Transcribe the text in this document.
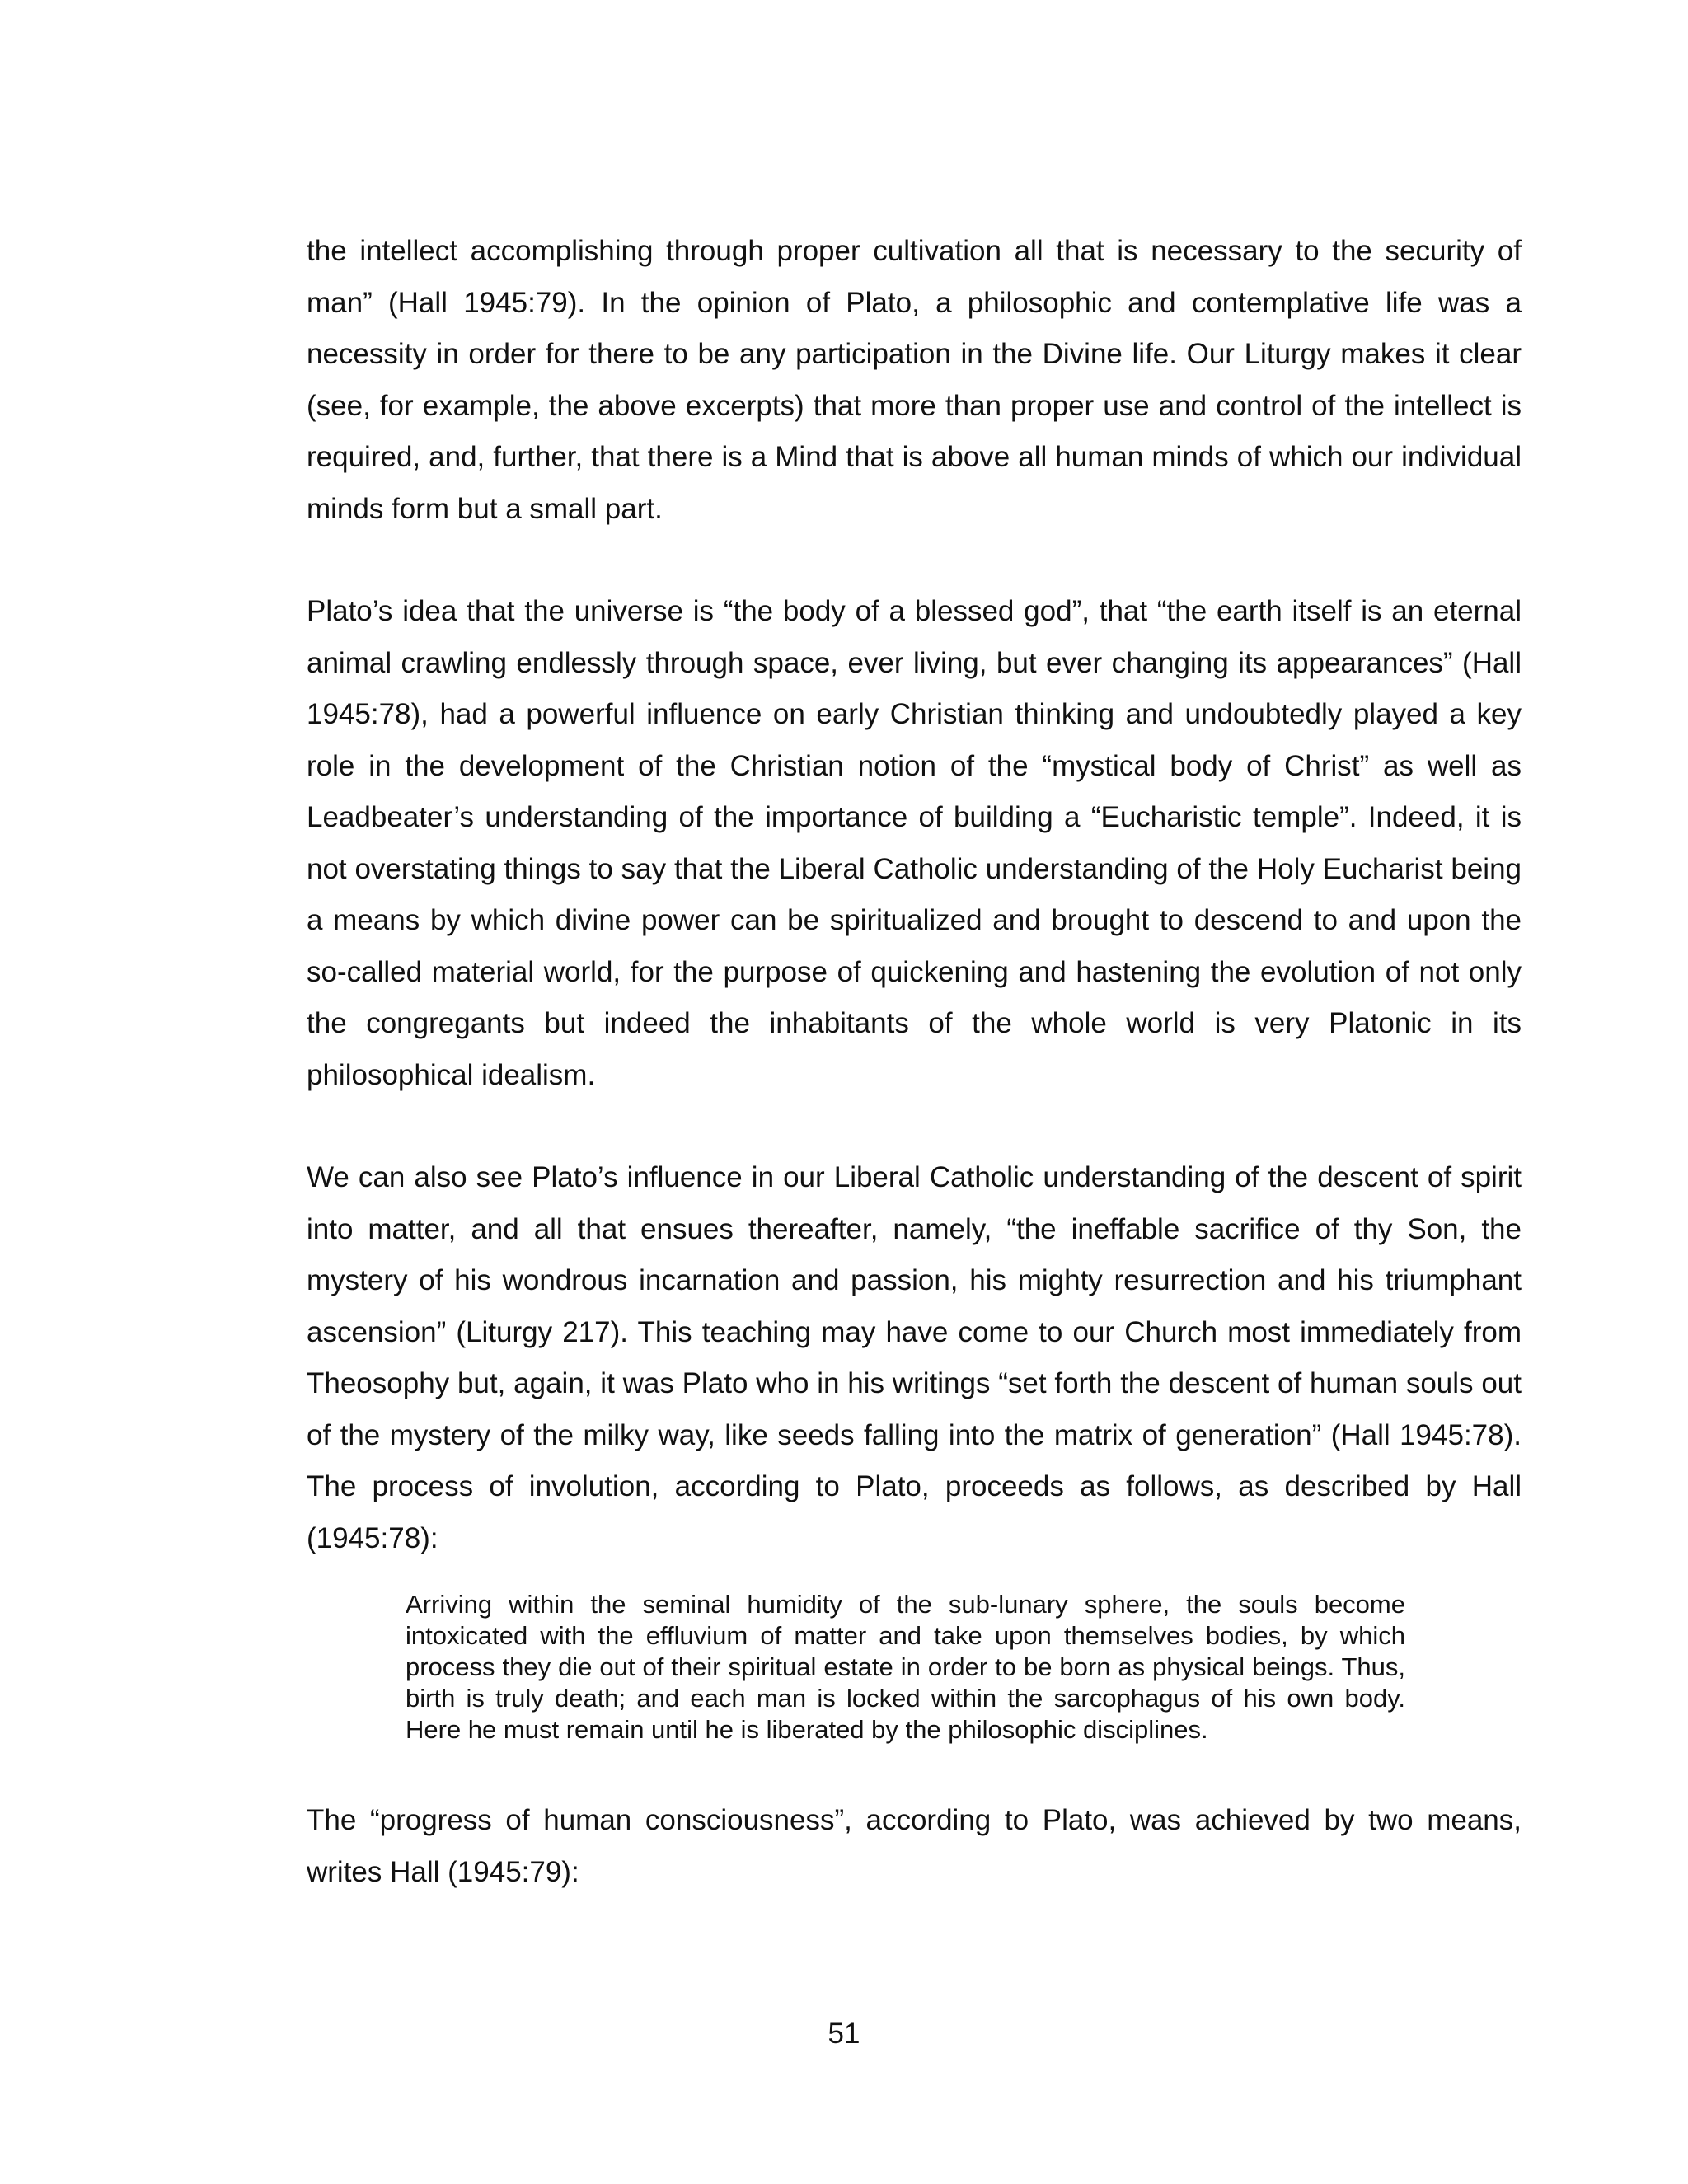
the intellect accomplishing through proper cultivation all that is necessary to the security of man” (Hall 1945:79). In the opinion of Plato, a philosophic and contemplative life was a necessity in order for there to be any participation in the Divine life. Our Liturgy makes it clear (see, for example, the above excerpts) that more than proper use and control of the intellect is required, and, further, that there is a Mind that is above all human minds of which our individual minds form but a small part.

Plato’s idea that the universe is “the body of a blessed god”, that “the earth itself is an eternal animal crawling endlessly through space, ever living, but ever changing its appearances” (Hall 1945:78), had a powerful influence on early Christian thinking and undoubtedly played a key role in the development of the Christian notion of the “mystical body of Christ” as well as Leadbeater’s understanding of the importance of building a “Eucharistic temple”. Indeed, it is not overstating things to say that the Liberal Catholic understanding of the Holy Eucharist being a means by which divine power can be spiritualized and brought to descend to and upon the so-called material world, for the purpose of quickening and hastening the evolution of not only the congregants but indeed the inhabitants of the whole world is very Platonic in its philosophical idealism.

We can also see Plato’s influence in our Liberal Catholic understanding of the descent of spirit into matter, and all that ensues thereafter, namely, “the ineffable sacrifice of thy Son, the mystery of his wondrous incarnation and passion, his mighty resurrection and his triumphant ascension” (Liturgy 217). This teaching may have come to our Church most immediately from Theosophy but, again, it was Plato who in his writings “set forth the descent of human souls out of the mystery of the milky way, like seeds falling into the matrix of generation” (Hall 1945:78). The process of involution, according to Plato, proceeds as follows, as described by Hall (1945:78):

Arriving within the seminal humidity of the sub-lunary sphere, the souls become intoxicated with the effluvium of matter and take upon themselves bodies, by which process they die out of their spiritual estate in order to be born as physical beings. Thus, birth is truly death; and each man is locked within the sarcophagus of his own body. Here he must remain until he is liberated by the philosophic disciplines.

The “progress of human consciousness”, according to Plato, was achieved by two means, writes Hall (1945:79):

51
